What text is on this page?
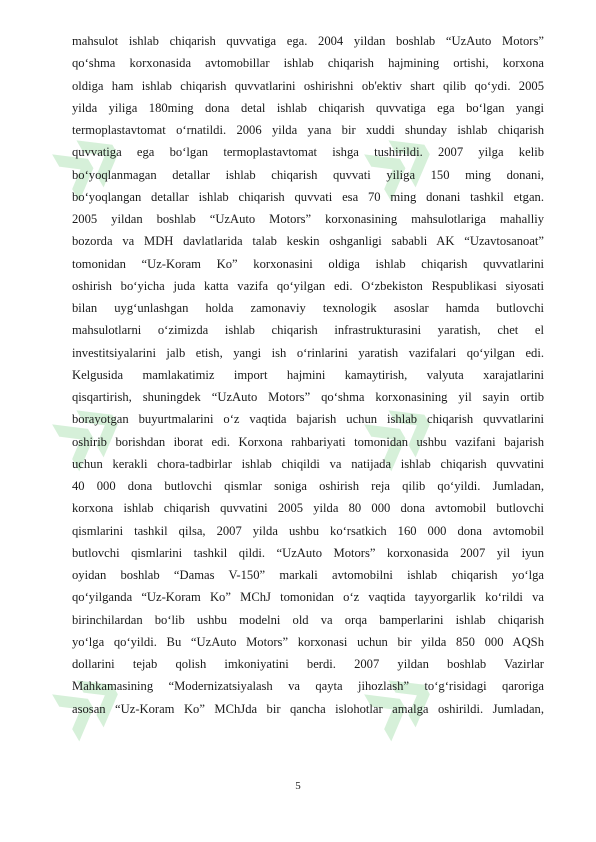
» »
» »
» »
mahsulot ishlab chiqarish quvvatiga ega. 2004 yildan boshlab “UzAuto Motors”
qo‘shma korxonasida avtomobillar ishlab chiqarish hajmining ortishi, korxona
oldiga ham ishlab chiqarish quvvatlarini oshirishni ob'ektiv shart qilib qo‘ydi. 2005
yilda yiliga 180ming dona detal ishlab chiqarish quvvatiga ega bo‘lgan yangi
termoplastavtomat o‘rnatildi. 2006 yilda yana bir xuddi shunday ishlab chiqarish
quvvatiga ega bo‘lgan termoplastavtomat ishga tushirildi. 2007 yilga kelib
bo‘yoqlanmagan detallar ishlab chiqarish quvvati yiliga 150 ming donani,
bo‘yoqlangan detallar ishlab chiqarish quvvati esa 70 ming donani tashkil etgan.
2005 yildan boshlab “UzAuto Motors” korxonasining mahsulotlariga mahalliy
bozorda va MDH davlatlarida talab keskin oshganligi sababli AK “Uzavtosanoat”
tomonidan “Uz-Koram Ko” korxonasini oldiga ishlab chiqarish quvvatlarini
oshirish bo‘yicha juda katta vazifa qo‘yilgan edi. O‘zbekiston Respublikasi siyosati
bilan uyg‘unlashgan holda zamonaviy texnologik asoslar hamda butlovchi
mahsulotlarni o‘zimizda ishlab chiqarish infrastrukturasini yaratish, chet el
investitsiyalarini jalb etish, yangi ish o‘rinlarini yaratish vazifalari qo‘yilgan edi.
Kelgusida mamlakatimiz import hajmini kamaytirish, valyuta xarajatlarini
qisqartirish, shuningdek “UzAuto Motors” qo‘shma korxonasining yil sayin ortib
borayotgan buyurtmalarini o‘z vaqtida bajarish uchun ishlab chiqarish quvvatlarini
oshirib borishdan iborat edi. Korxona rahbariyati tomonidan ushbu vazifani bajarish
uchun kerakli chora-tadbirlar ishlab chiqildi va natijada ishlab chiqarish quvvatini
40 000 dona butlovchi qismlar soniga oshirish reja qilib qo‘yildi. Jumladan,
korxona ishlab chiqarish quvvatini 2005 yilda 80 000 dona avtomobil butlovchi
qismlarini tashkil qilsa, 2007 yilda ushbu ko‘rsatkich 160 000 dona avtomobil
butlovchi qismlarini tashkil qildi. “UzAuto Motors” korxonasida 2007 yil iyun
oyidan boshlab “Damas V-150” markali avtomobilni ishlab chiqarish yo‘lga
qo‘yilganda “Uz-Koram Ko” MChJ tomonidan o‘z vaqtida tayyorgarlik ko‘rildi va
birinchilardan bo‘lib ushbu modelni old va orqa bamperlarini ishlab chiqarish
yo‘lga qo‘yildi. Bu “UzAuto Motors” korxonasi uchun bir yilda 850 000 AQSh
dollarini tejab qolish imkoniyatini berdi. 2007 yildan boshlab Vazirlar
Mahkamasining “Modernizatsiyalash va qayta jihozlash” to‘g‘risidagi qaroriga
asosan “Uz-Koram Ko” MChJda bir qancha islohotlar amalga oshirildi. Jumladan,
5
